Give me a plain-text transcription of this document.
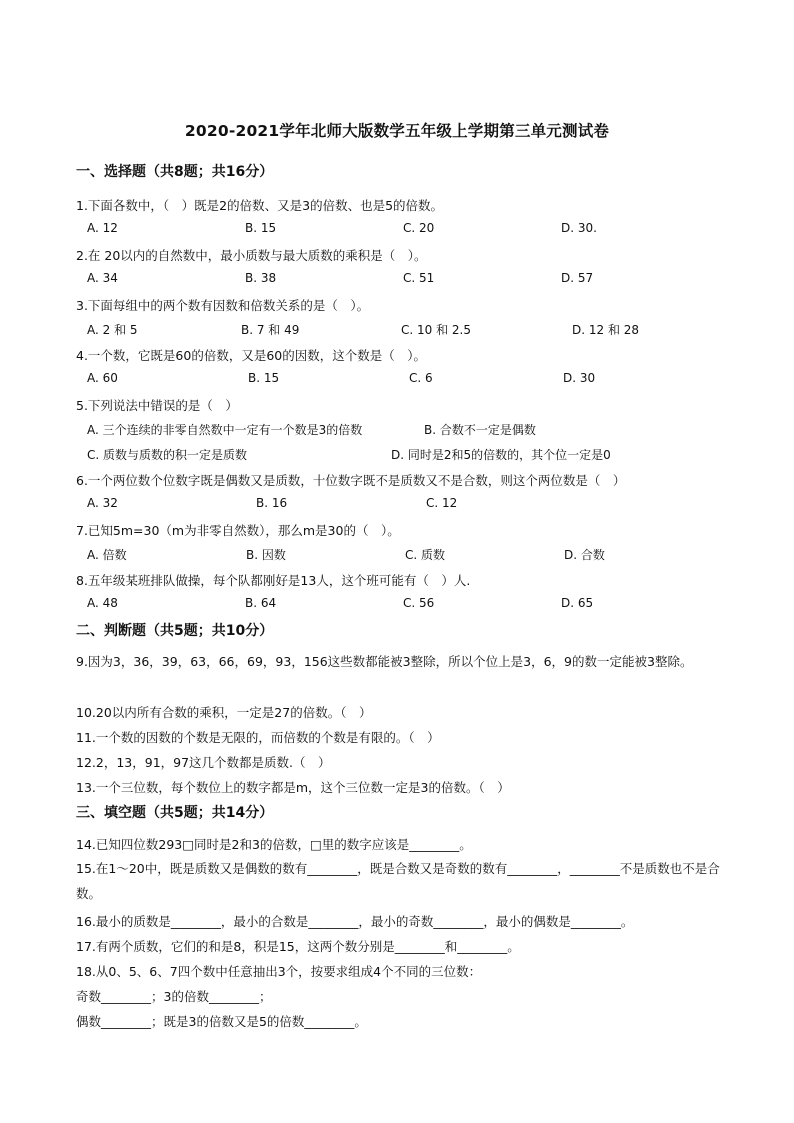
2020-2021学年北师大版数学五年级上学期第三单元测试卷
一、选择题（共8题；共16分）
1.下面各数中，（　）既是2的倍数、又是3的倍数、也是5的倍数。
A. 12	B. 15	C. 20	D. 30.
2.在 20以内的自然数中，最小质数与最大质数的乘积是（　）。
A. 34	B. 38	C. 51	D. 57
3.下面每组中的两个数有因数和倍数关系的是（　）。
A. 2 和 5	B. 7 和 49	C. 10 和 2.5	D. 12 和 28
4.一个数，它既是60的倍数，又是60的因数，这个数是（　）。
A. 60	B. 15	C. 6	D. 30
5.下列说法中错误的是（　）
A. 三个连续的非零自然数中一定有一个数是3的倍数	B. 合数不一定是偶数
C. 质数与质数的积一定是质数	D. 同时是2和5的倍数的，其个位一定是0
6.一个两位数个位数字既是偶数又是质数，十位数字既不是质数又不是合数，则这个两位数是（　）
A. 32	B. 16	C. 12
7.已知5m=30（m为非零自然数），那么m是30的（　）。
A. 倍数	B. 因数	C. 质数	D. 合数
8.五年级某班排队做操，每个队都刚好是13人，这个班可能有（　）人.
A. 48	B. 64	C. 56	D. 65
二、判断题（共5题；共10分）
9.因为3，36，39，63，66，69，93，156这些数都能被3整除，所以个位上是3，6，9的数一定能被3整除。
10.20以内所有合数的乘积，一定是27的倍数。（　）
11.一个数的因数的个数是无限的，而倍数的个数是有限的。（　）
12.2，13，91，97这几个数都是质数.（　）
13.一个三位数，每个数位上的数字都是m，这个三位数一定是3的倍数。（　）
三、填空题（共5题；共14分）
14.已知四位数293□同时是2和3的倍数，□里的数字应该是________。
15.在1～20中，既是质数又是偶数的数有________，既是合数又是奇数的数有________，________不是质数也不是合数。
16.最小的质数是________，最小的合数是________，最小的奇数________，最小的偶数是________。
17.有两个质数，它们的和是8，积是15，这两个数分别是________和________。
18.从0、5、6、7四个数中任意抽出3个，按要求组成4个不同的三位数：
奇数________；3的倍数________；
偶数________；既是3的倍数又是5的倍数________。
